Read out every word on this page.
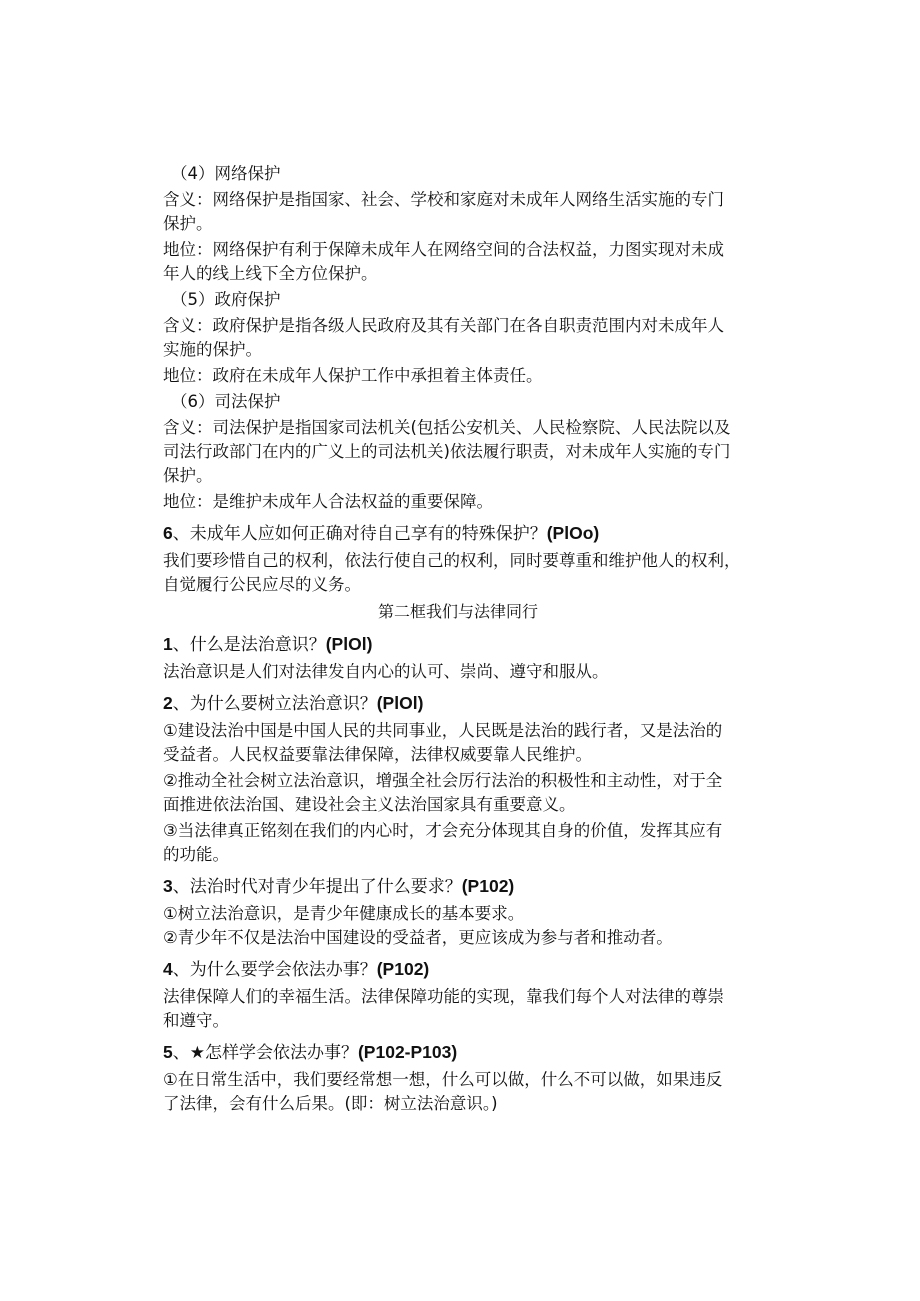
（4）网络保护
含义：网络保护是指国家、社会、学校和家庭对未成年人网络生活实施的专门
保护。
地位：网络保护有利于保障未成年人在网络空间的合法权益，力图实现对未成
年人的线上线下全方位保护。
（5）政府保护
含义：政府保护是指各级人民政府及其有关部门在各自职责范围内对未成年人
实施的保护。
地位：政府在未成年人保护工作中承担着主体责任。
（6）司法保护
含义：司法保护是指国家司法机关(包括公安机关、人民检察院、人民法院以及
司法行政部门在内的广义上的司法机关)依法履行职责，对未成年人实施的专门
保护。
地位：是维护未成年人合法权益的重要保障。
6、未成年人应如何正确对待自己享有的特殊保护？(PlOo)
我们要珍惜自己的权利，依法行使自己的权利，同时要尊重和维护他人的权利，
自觉履行公民应尽的义务。
第二框我们与法律同行
1、什么是法治意识？(PlOl)
法治意识是人们对法律发自内心的认可、崇尚、遵守和服从。
2、为什么要树立法治意识？(PlOl)
①建设法治中国是中国人民的共同事业，人民既是法治的践行者，又是法治的
受益者。人民权益要靠法律保障，法律权威要靠人民维护。
②推动全社会树立法治意识，增强全社会厉行法治的积极性和主动性，对于全
面推进依法治国、建设社会主义法治国家具有重要意义。
③当法律真正铭刻在我们的内心时，才会充分体现其自身的价值，发挥其应有
的功能。
3、法治时代对青少年提出了什么要求？(P102)
①树立法治意识，是青少年健康成长的基本要求。
②青少年不仅是法治中国建设的受益者，更应该成为参与者和推动者。
4、为什么要学会依法办事？(P102)
法律保障人们的幸福生活。法律保障功能的实现，靠我们每个人对法律的尊崇
和遵守。
5、★怎样学会依法办事？(P102-P103)
①在日常生活中，我们要经常想一想，什么可以做，什么不可以做，如果违反
了法律，会有什么后果。(即：树立法治意识。)
